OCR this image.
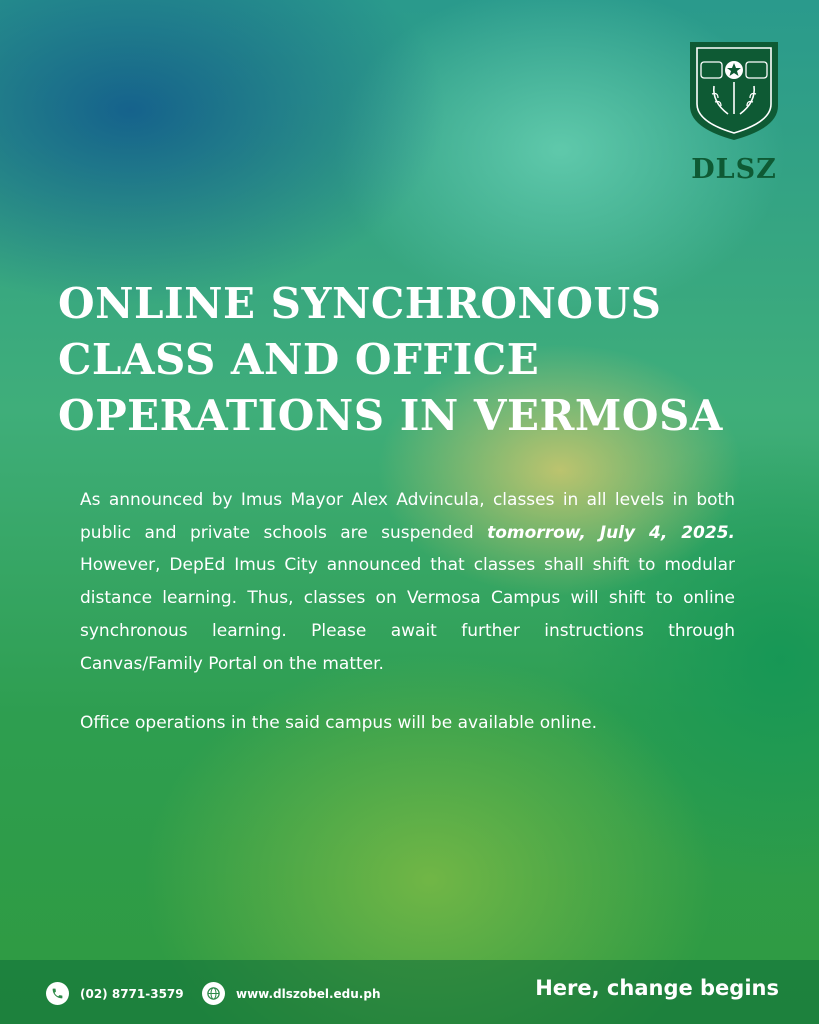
DLSZ
ONLINE SYNCHRONOUS
CLASS AND OFFICE
OPERATIONS IN VERMOSA

As announced by Imus Mayor Alex Advincula, classes in all levels in both public and private schools are suspended tomorrow, July 4, 2025. However, DepEd Imus City announced that classes shall shift to modular distance learning. Thus, classes on Vermosa Campus will shift to online synchronous learning. Please await further instructions through Canvas/Family Portal on the matter.

Office operations in the said campus will be available online.

(02) 8771-3579	www.dlszobel.edu.ph	Here, change begins
